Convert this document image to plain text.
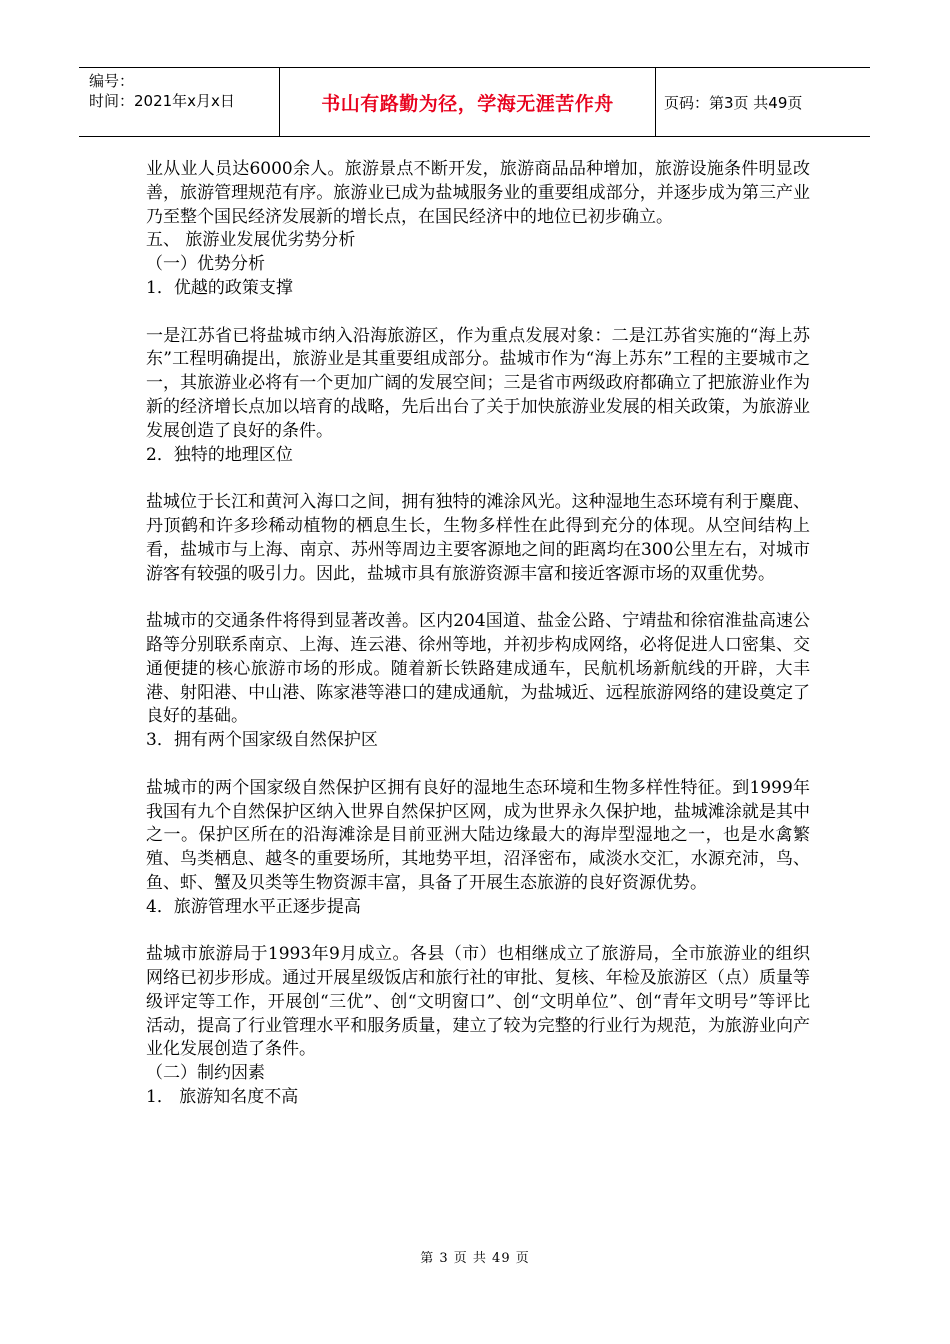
编号：
时间：2021年x月x日	书山有路勤为径，学海无涯苦作舟	页码：第3页 共49页

业从业人员达6000余人。旅游景点不断开发，旅游商品品种增加，旅游设施条件明显改善，旅游管理规范有序。旅游业已成为盐城服务业的重要组成部分，并逐步成为第三产业乃至整个国民经济发展新的增长点，在国民经济中的地位已初步确立。

五、 旅游业发展优劣势分析

（一）优势分析

1．优越的政策支撑

一是江苏省已将盐城市纳入沿海旅游区，作为重点发展对象：二是江苏省实施的“海上苏东”工程明确提出，旅游业是其重要组成部分。盐城市作为“海上苏东”工程的主要城市之一，其旅游业必将有一个更加广阔的发展空间；三是省市两级政府都确立了把旅游业作为新的经济增长点加以培育的战略，先后出台了关于加快旅游业发展的相关政策，为旅游业发展创造了良好的条件。

2．独特的地理区位

盐城位于长江和黄河入海口之间，拥有独特的滩涂风光。这种湿地生态环境有利于麋鹿、丹顶鹤和许多珍稀动植物的栖息生长，生物多样性在此得到充分的体现。从空间结构上看，盐城市与上海、南京、苏州等周边主要客源地之间的距离均在300公里左右，对城市游客有较强的吸引力。因此，盐城市具有旅游资源丰富和接近客源市场的双重优势。

盐城市的交通条件将得到显著改善。区内204国道、盐金公路、宁靖盐和徐宿淮盐高速公路等分别联系南京、上海、连云港、徐州等地，并初步构成网络，必将促进人口密集、交通便捷的核心旅游市场的形成。随着新长铁路建成通车，民航机场新航线的开辟，大丰港、射阳港、中山港、陈家港等港口的建成通航，为盐城近、远程旅游网络的建设奠定了良好的基础。

3．拥有两个国家级自然保护区

盐城市的两个国家级自然保护区拥有良好的湿地生态环境和生物多样性特征。到1999年我国有九个自然保护区纳入世界自然保护区网，成为世界永久保护地，盐城滩涂就是其中之一。保护区所在的沿海滩涂是目前亚洲大陆边缘最大的海岸型湿地之一，也是水禽繁殖、鸟类栖息、越冬的重要场所，其地势平坦，沼泽密布，咸淡水交汇，水源充沛，鸟、鱼、虾、蟹及贝类等生物资源丰富，具备了开展生态旅游的良好资源优势。

4．旅游管理水平正逐步提高

盐城市旅游局于1993年9月成立。各县（市）也相继成立了旅游局，全市旅游业的组织网络已初步形成。通过开展星级饭店和旅行社的审批、复核、年检及旅游区（点）质量等级评定等工作，开展创“三优”、创“文明窗口”、创“文明单位”、创“青年文明号”等评比活动，提高了行业管理水平和服务质量，建立了较为完整的行业行为规范，为旅游业向产业化发展创造了条件。

（二）制约因素

1． 旅游知名度不高

第 3 页 共 49 页
